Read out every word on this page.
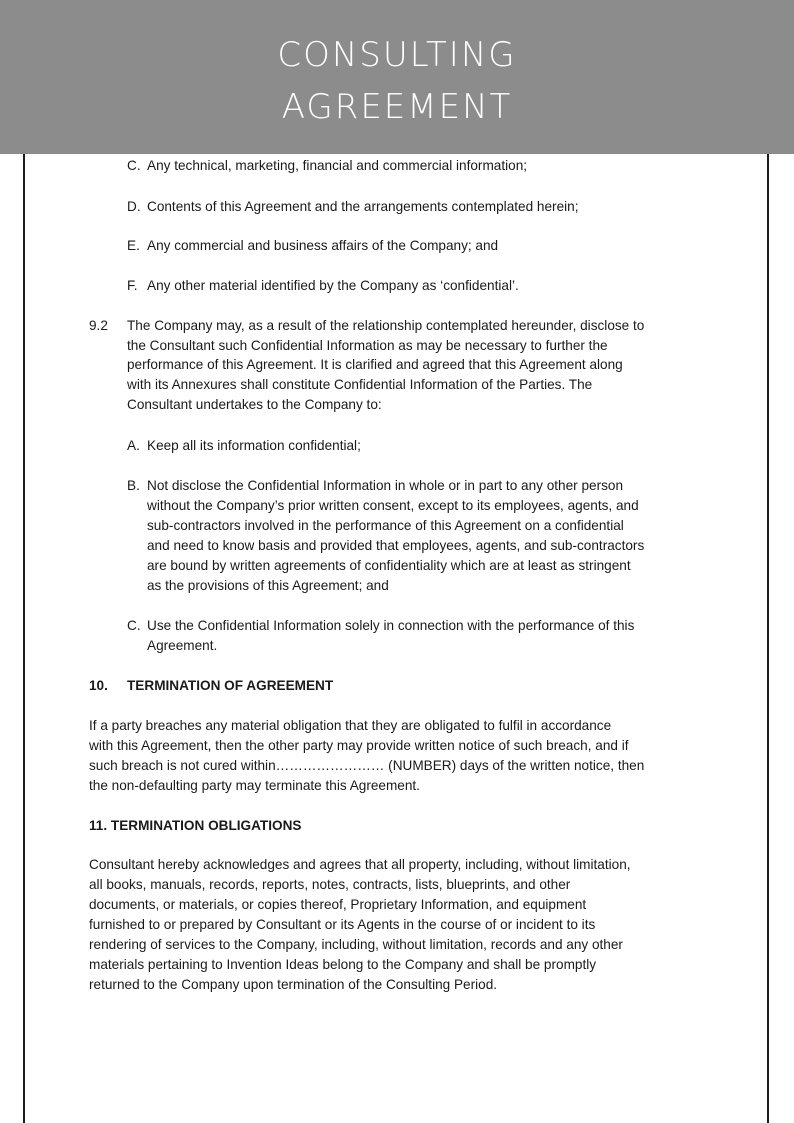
CONSULTING
AGREEMENT
C. Any technical, marketing, financial and commercial information;
D. Contents of this Agreement and the arrangements contemplated herein;
E. Any commercial and business affairs of the Company; and
F. Any other material identified by the Company as ‘confidential’.
9.2 The Company may, as a result of the relationship contemplated hereunder, disclose to
the Consultant such Confidential Information as may be necessary to further the
performance of this Agreement. It is clarified and agreed that this Agreement along
with its Annexures shall constitute Confidential Information of the Parties. The
Consultant undertakes to the Company to:
A. Keep all its information confidential;
B. Not disclose the Confidential Information in whole or in part to any other person
without the Company’s prior written consent, except to its employees, agents, and
sub-contractors involved in the performance of this Agreement on a confidential
and need to know basis and provided that employees, agents, and sub-contractors
are bound by written agreements of confidentiality which are at least as stringent
as the provisions of this Agreement; and
C. Use the Confidential Information solely in connection with the performance of this
Agreement.
10. TERMINATION OF AGREEMENT
If a party breaches any material obligation that they are obligated to fulfil in accordance
with this Agreement, then the other party may provide written notice of such breach, and if
such breach is not cured within…………………… (NUMBER) days of the written notice, then
the non-defaulting party may terminate this Agreement.
11. TERMINATION OBLIGATIONS
Consultant hereby acknowledges and agrees that all property, including, without limitation,
all books, manuals, records, reports, notes, contracts, lists, blueprints, and other
documents, or materials, or copies thereof, Proprietary Information, and equipment
furnished to or prepared by Consultant or its Agents in the course of or incident to its
rendering of services to the Company, including, without limitation, records and any other
materials pertaining to Invention Ideas belong to the Company and shall be promptly
returned to the Company upon termination of the Consulting Period.
